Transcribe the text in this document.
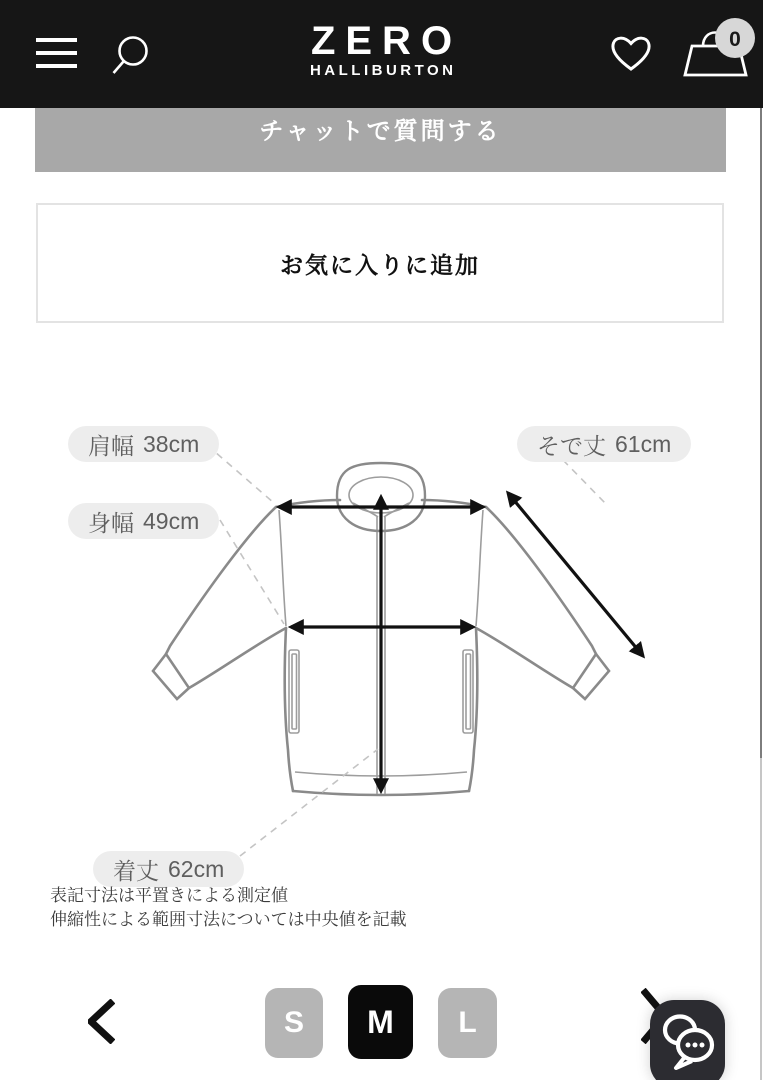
チャットで質問する
ZERO
HALLIBURTON
0
お気に入りに追加
肩幅 38cm	そで丈 61cm
身幅 49cm
着丈 62cm
表記寸法は平置きによる測定値
伸縮性による範囲寸法については中央値を記載
S	M	L
